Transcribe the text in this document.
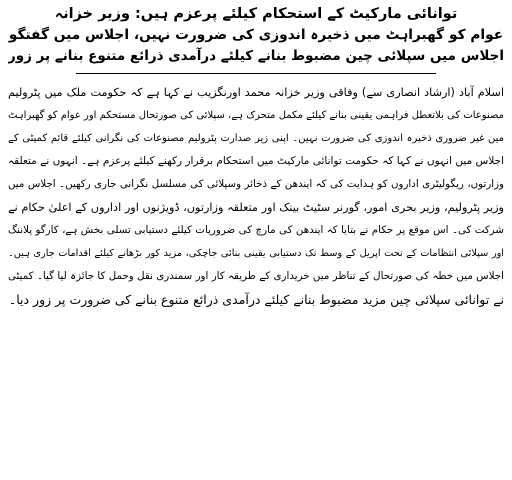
توانائی مارکیٹ کے استحکام کیلئے پرعزم ہیں: وزیر خزانہ
عوام کو گھبراہٹ میں ذخیرہ اندوزی کی ضرورت نہیں، اجلاس میں گفتگو
اجلاس میں سپلائی چین مضبوط بنانے کیلئے درآمدی ذرائع متنوع بنانے پر زور
اسلام آباد (ارشاد انصاری سے) وفاقی وزیر خزانہ محمد اورنگزیب نے کہا ہے کہ حکومت ملک میں پٹرولیم
مصنوعات کی بلاتعطل فراہمی یقینی بنانے کیلئے مکمل متحرک ہے، سپلائی کی صورتحال مستحکم اور عوام کو گھبراہٹ
میں غیر ضروری ذخیرہ اندوزی کی ضرورت نہیں۔ اپنی زیر صدارت پٹرولیم مصنوعات کی نگرانی کیلئے قائم کمیٹی کے
اجلاس میں انہوں نے کہا کہ حکومت توانائی مارکیٹ میں استحکام برقرار رکھنے کیلئے پرعزم ہے۔ انہوں نے متعلقہ
وزارتوں، ریگولیٹری اداروں کو ہدایت کی کہ ایندھن کے ذخائر وسپلائی کی مسلسل نگرانی جاری رکھیں۔ اجلاس میں
وزیر پٹرولیم، وزیر بحری امور، گورنر سٹیٹ بینک اور متعلقہ وزارتوں، ڈویژنوں اور اداروں کے اعلیٰ حکام نے
شرکت کی۔ اس موقع پر حکام نے بتایا کہ ایندھن کی مارچ کی ضروریات کیلئے دستیابی تسلی بخش ہے، کارگو پلاننگ
اور سپلائی انتظامات کے تحت اپریل کے وسط تک دستیابی یقینی بنائی جاچکی، مزید کور بڑھانے کیلئے اقدامات جاری ہیں۔
اجلاس میں خطہ کی صورتحال کے تناظر میں خریداری کے طریقہ کار اور سمندری نقل وحمل کا جائزہ لیا گیا۔ کمیٹی
نے توانائی سپلائی چین مزید مضبوط بنانے کیلئے درآمدی ذرائع متنوع بنانے کی ضرورت پر زور دیا۔
